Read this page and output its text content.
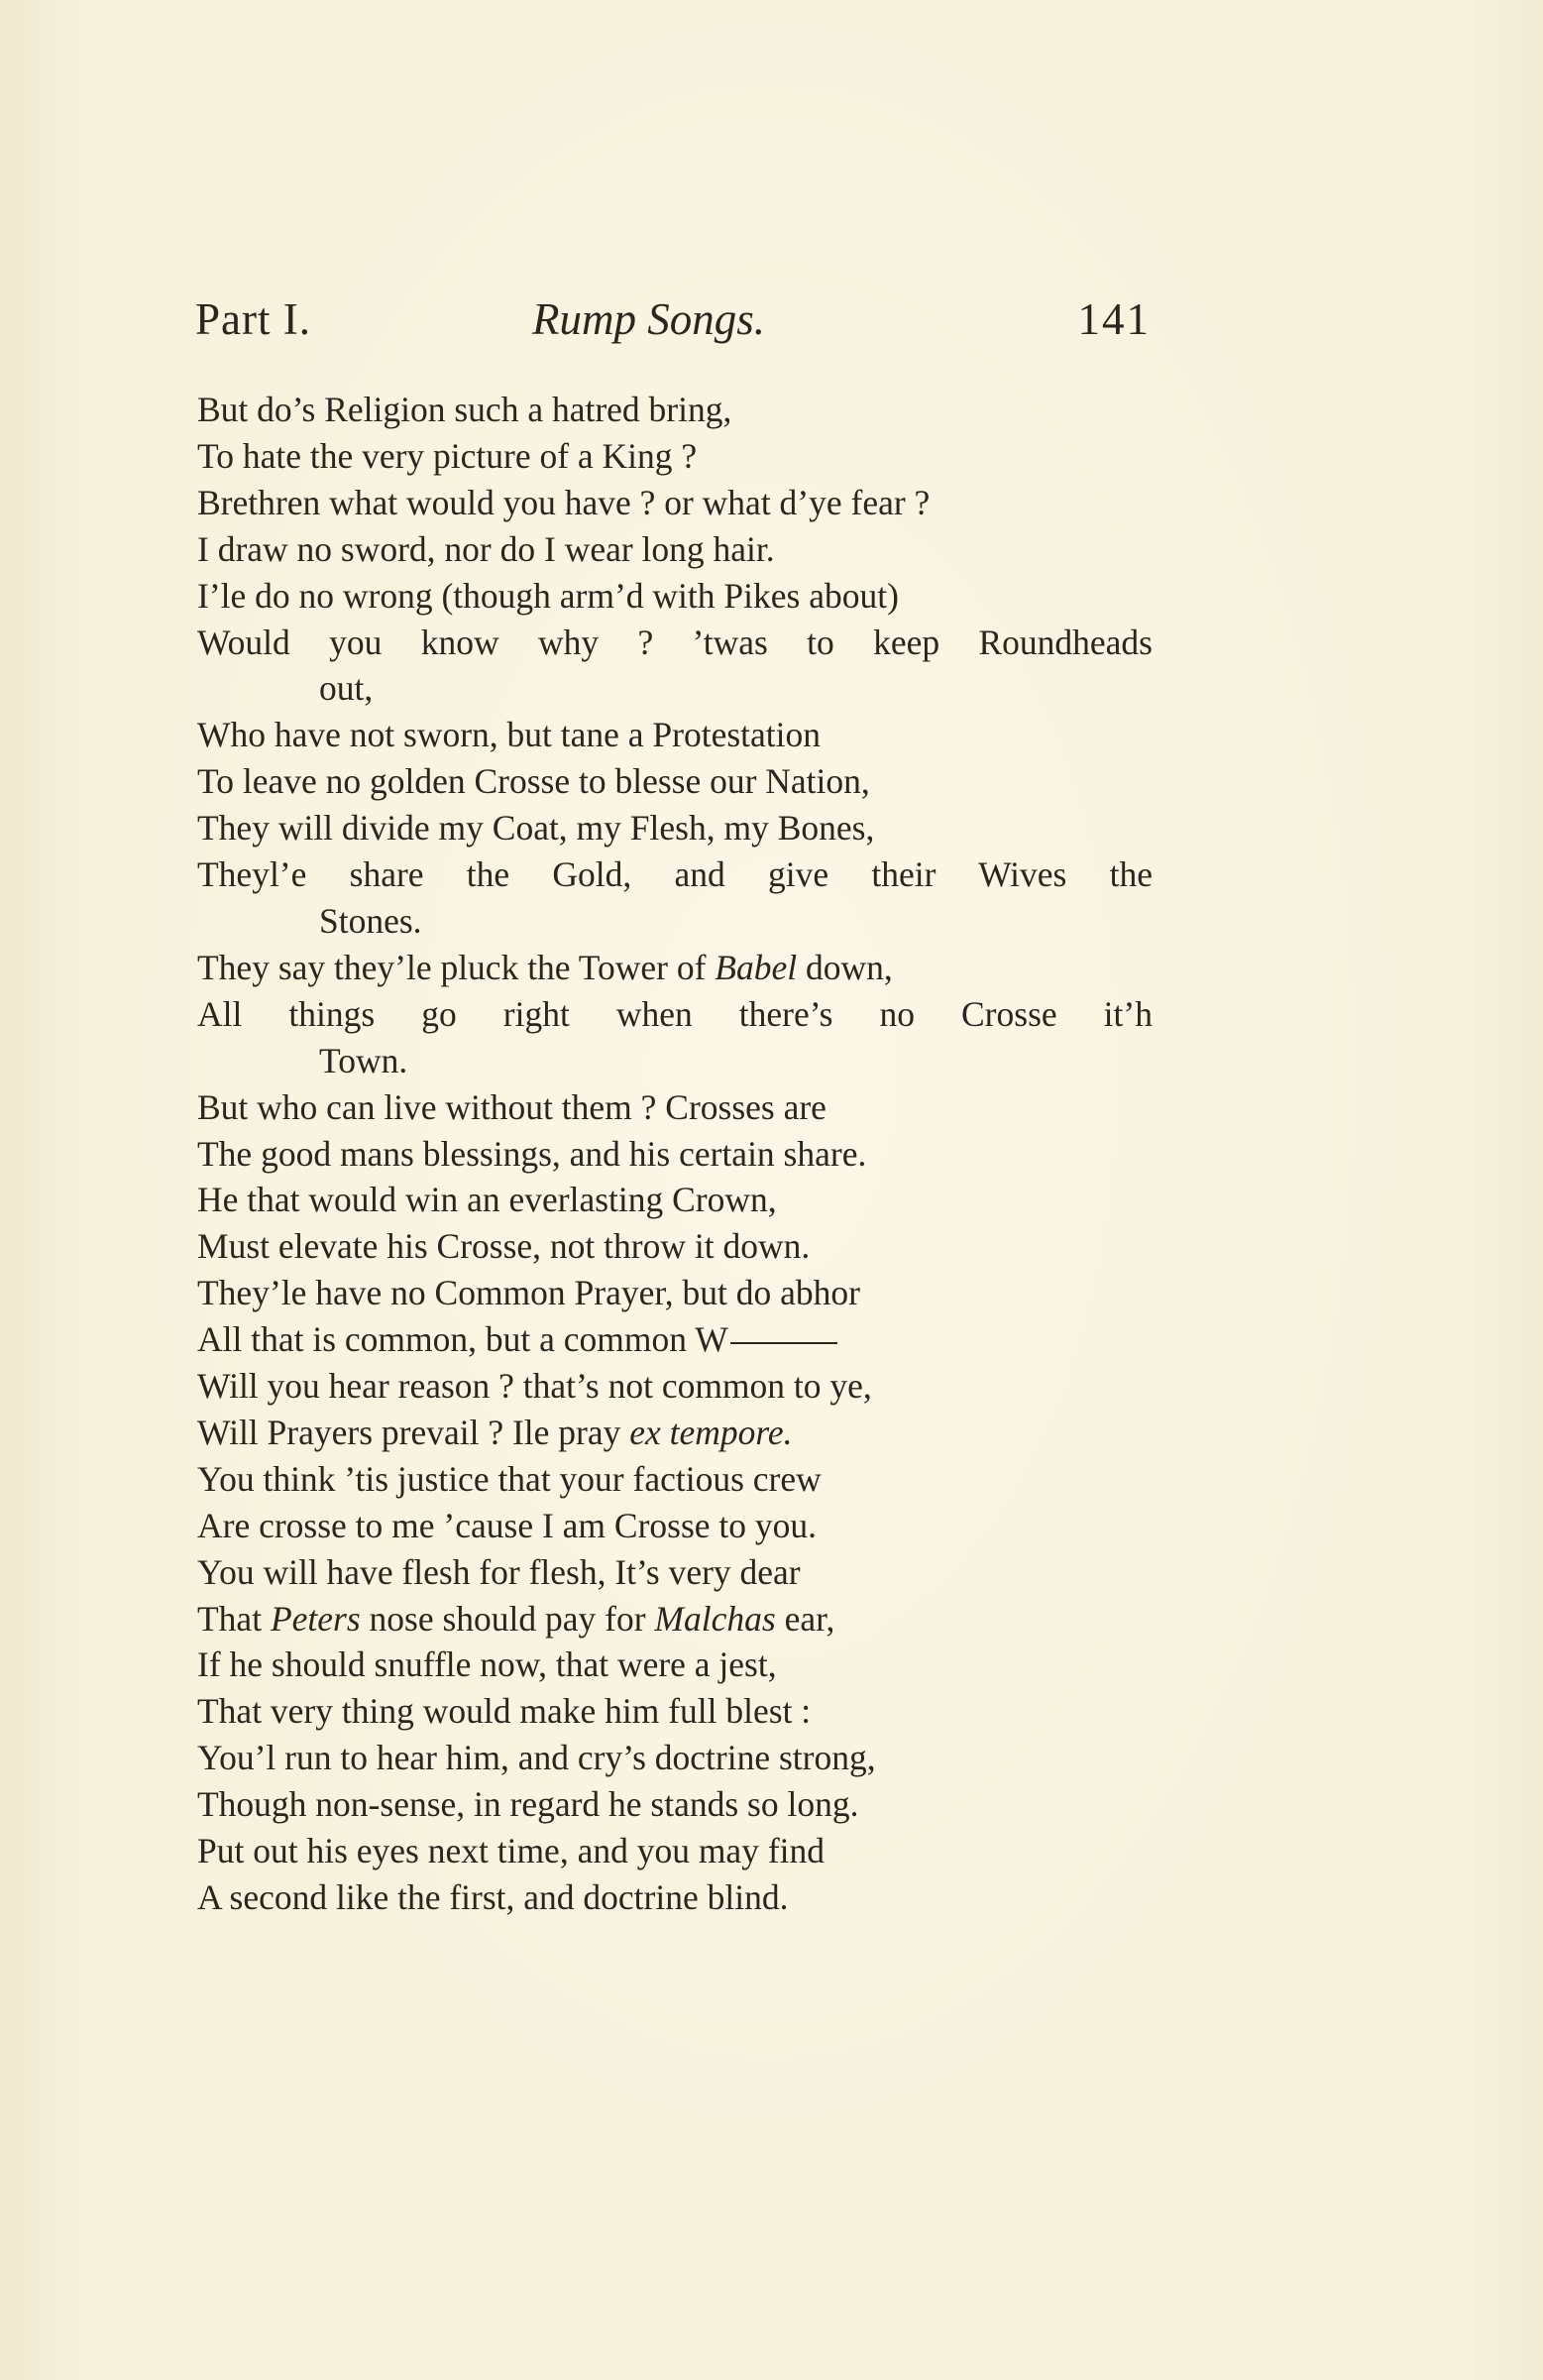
Part I.	Rump Songs.	141
But do’s Religion such a hatred bring,
To hate the very picture of a King ?
Brethren what would you have ? or what d’ye fear ?
I draw no sword, nor do I wear long hair.
I’le do no wrong (though arm’d with Pikes about)
Would you know why ? ’twas to keep Roundheads
out,
Who have not sworn, but tane a Protestation
To leave no golden Crosse to blesse our Nation,
They will divide my Coat, my Flesh, my Bones,
Theyl’e share the Gold, and give their Wives the
Stones.
They say they’le pluck the Tower of Babel down,
All things go right when there’s no Crosse it’h
Town.
But who can live without them ? Crosses are
The good mans blessings, and his certain share.
He that would win an everlasting Crown,
Must elevate his Crosse, not throw it down.
They’le have no Common Prayer, but do abhor
All that is common, but a common W
Will you hear reason ? that’s not common to ye,
Will Prayers prevail ? Ile pray ex tempore.
You think ’tis justice that your factious crew
Are crosse to me ’cause I am Crosse to you.
You will have flesh for flesh, It’s very dear
That Peters nose should pay for Malchas ear,
If he should snuffle now, that were a jest,
That very thing would make him full blest :
You’l run to hear him, and cry’s doctrine strong,
Though non-sense, in regard he stands so long.
Put out his eyes next time, and you may find
A second like the first, and doctrine blind.
